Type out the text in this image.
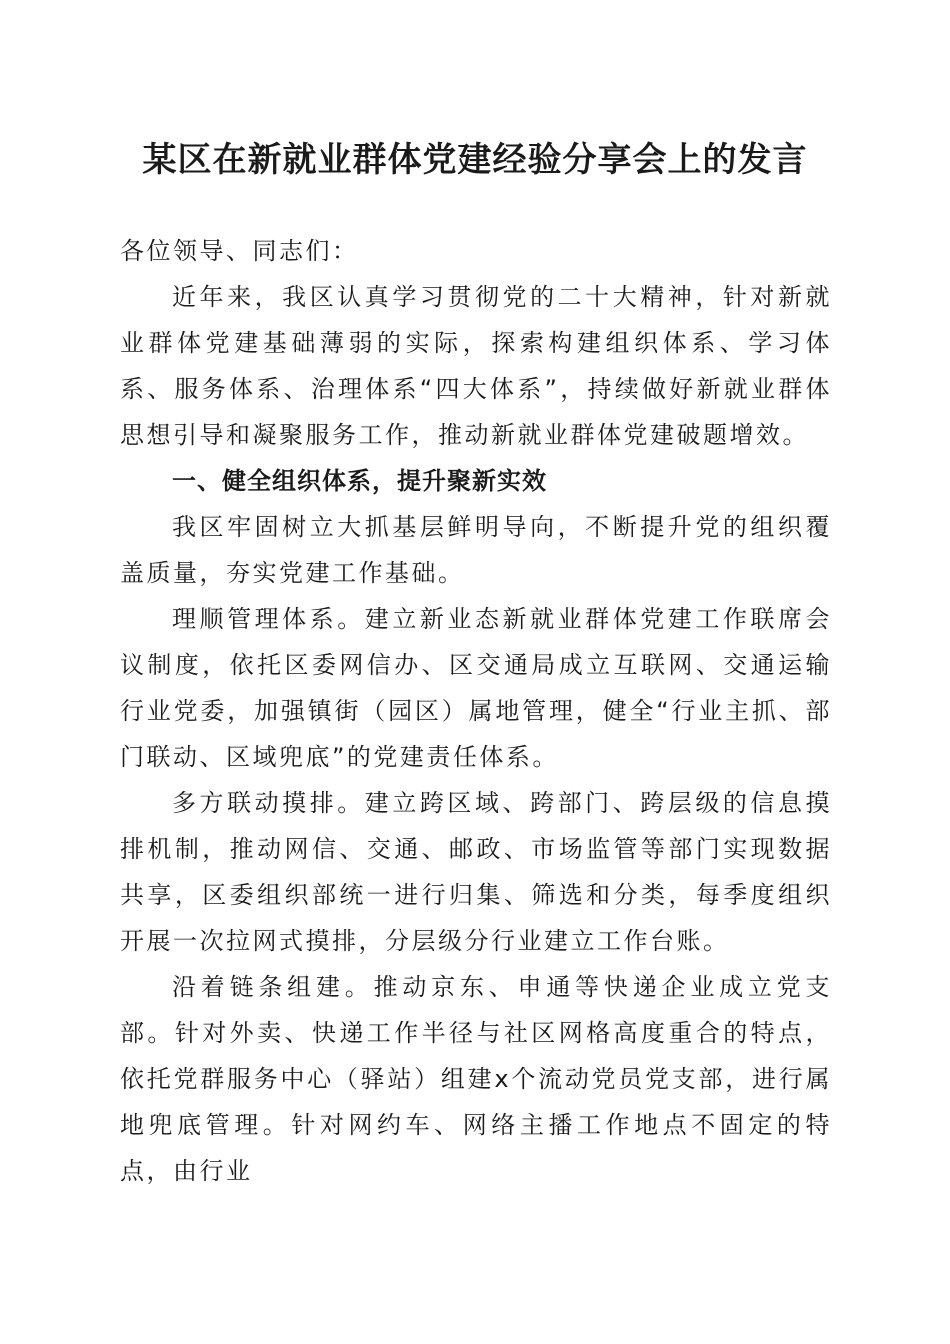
某区在新就业群体党建经验分享会上的发言

各位领导、同志们：

近年来，我区认真学习贯彻党的二十大精神，针对新就业群体党建基础薄弱的实际，探索构建组织体系、学习体系、服务体系、治理体系“四大体系”，持续做好新就业群体思想引导和凝聚服务工作，推动新就业群体党建破题增效。

一、健全组织体系，提升聚新实效

我区牢固树立大抓基层鲜明导向，不断提升党的组织覆盖质量，夯实党建工作基础。

理顺管理体系。建立新业态新就业群体党建工作联席会议制度，依托区委网信办、区交通局成立互联网、交通运输行业党委，加强镇街（园区）属地管理，健全“行业主抓、部门联动、区域兜底”的党建责任体系。

多方联动摸排。建立跨区域、跨部门、跨层级的信息摸排机制，推动网信、交通、邮政、市场监管等部门实现数据共享，区委组织部统一进行归集、筛选和分类，每季度组织开展一次拉网式摸排，分层级分行业建立工作台账。

沿着链条组建。推动京东、申通等快递企业成立党支部。针对外卖、快递工作半径与社区网格高度重合的特点，依托党群服务中心（驿站）组建x个流动党员党支部，进行属地兜底管理。针对网约车、网络主播工作地点不固定的特点，由行业
